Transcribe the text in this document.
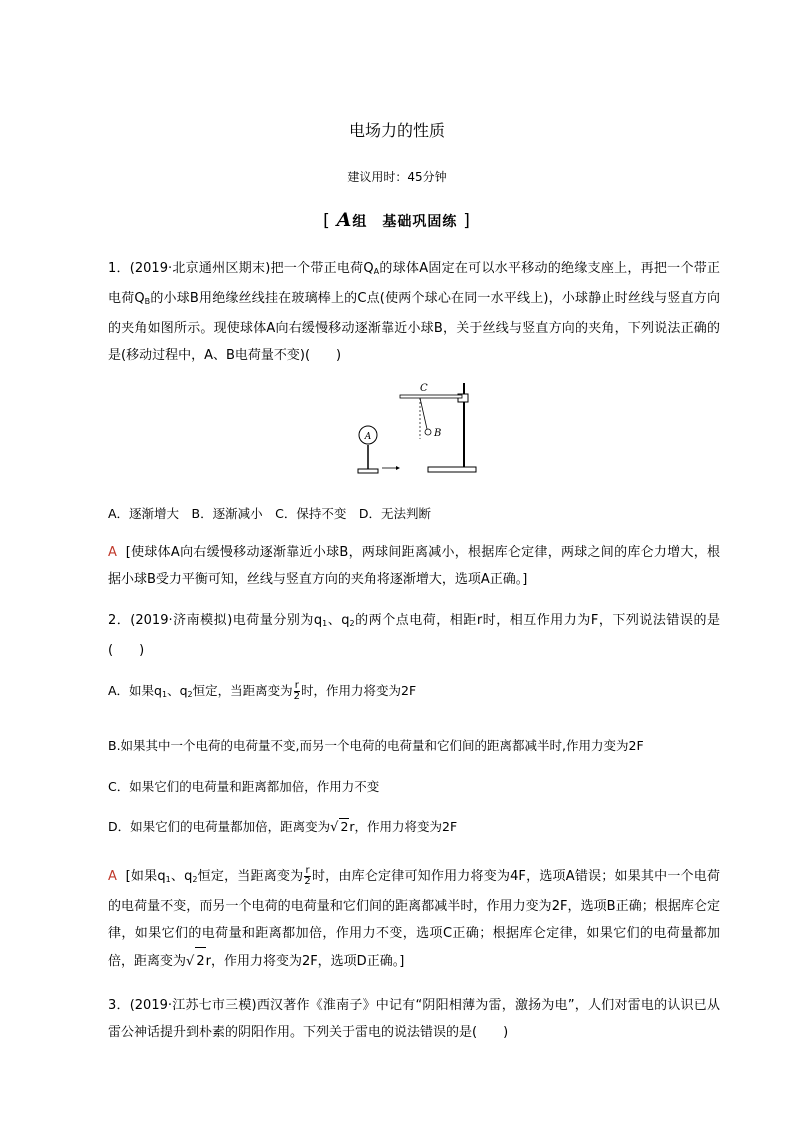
电场力的性质
建议用时：45分钟
[ A组　基础巩固练 ]
1．(2019·北京通州区期末)把一个带正电荷$Q_A$的球体A固定在可以水平移动的绝缘支座上，再把一个带正电荷$Q_B$的小球B用绝缘丝线挂在玻璃棒上的C点(使两个球心在同一水平线上)，小球静止时丝线与竖直方向的夹角如图所示。现使球体A向右缓慢移动逐渐靠近小球B，关于丝线与竖直方向的夹角，下列说法正确的是(移动过程中，A、B电荷量不变)(　　)
A
C
B
A．逐渐增大　B．逐渐减小　C．保持不变　D．无法判断
A [使球体A向右缓慢移动逐渐靠近小球B，两球间距离减小，根据库仑定律，两球之间的库仑力增大，根据小球B受力平衡可知，丝线与竖直方向的夹角将逐渐增大，选项A正确。]
2．(2019·济南模拟)电荷量分别为$q_1$、$q_2$的两个点电荷，相距r时，相互作用力为F，下列说法错误的是(　　)
A．如果$q_1$、$q_2$恒定，当距离变为 $\frac{r}{2}$ 时，作用力将变为2F
B.如果其中一个电荷的电荷量不变,而另一个电荷的电荷量和它们间的距离都减半时,作用力变为2F
C．如果它们的电荷量和距离都加倍，作用力不变
D．如果它们的电荷量都加倍，距离变为√ 2r，作用力将变为2F
A [如果$q_1$、$q_2$恒定，当距离变为 $\frac{r}{2}$ 时，由库仑定律可知作用力将变为4F，选项A错误；如果其中一个电荷的电荷量不变，而另一个电荷的电荷量和它们间的距离都减半时，作用力变为2F，选项B正确；根据库仑定律，如果它们的电荷量和距离都加倍，作用力不变，选项C正确；根据库仑定律，如果它们的电荷量都加倍，距离变为√ 2r，作用力将变为2F，选项D正确。]
3．(2019·江苏七市三模)西汉著作《淮南子》中记有“阴阳相薄为雷，激扬为电”，人们对雷电的认识已从雷公神话提升到朴素的阴阳作用。下列关于雷电的说法错误的是(　　)
